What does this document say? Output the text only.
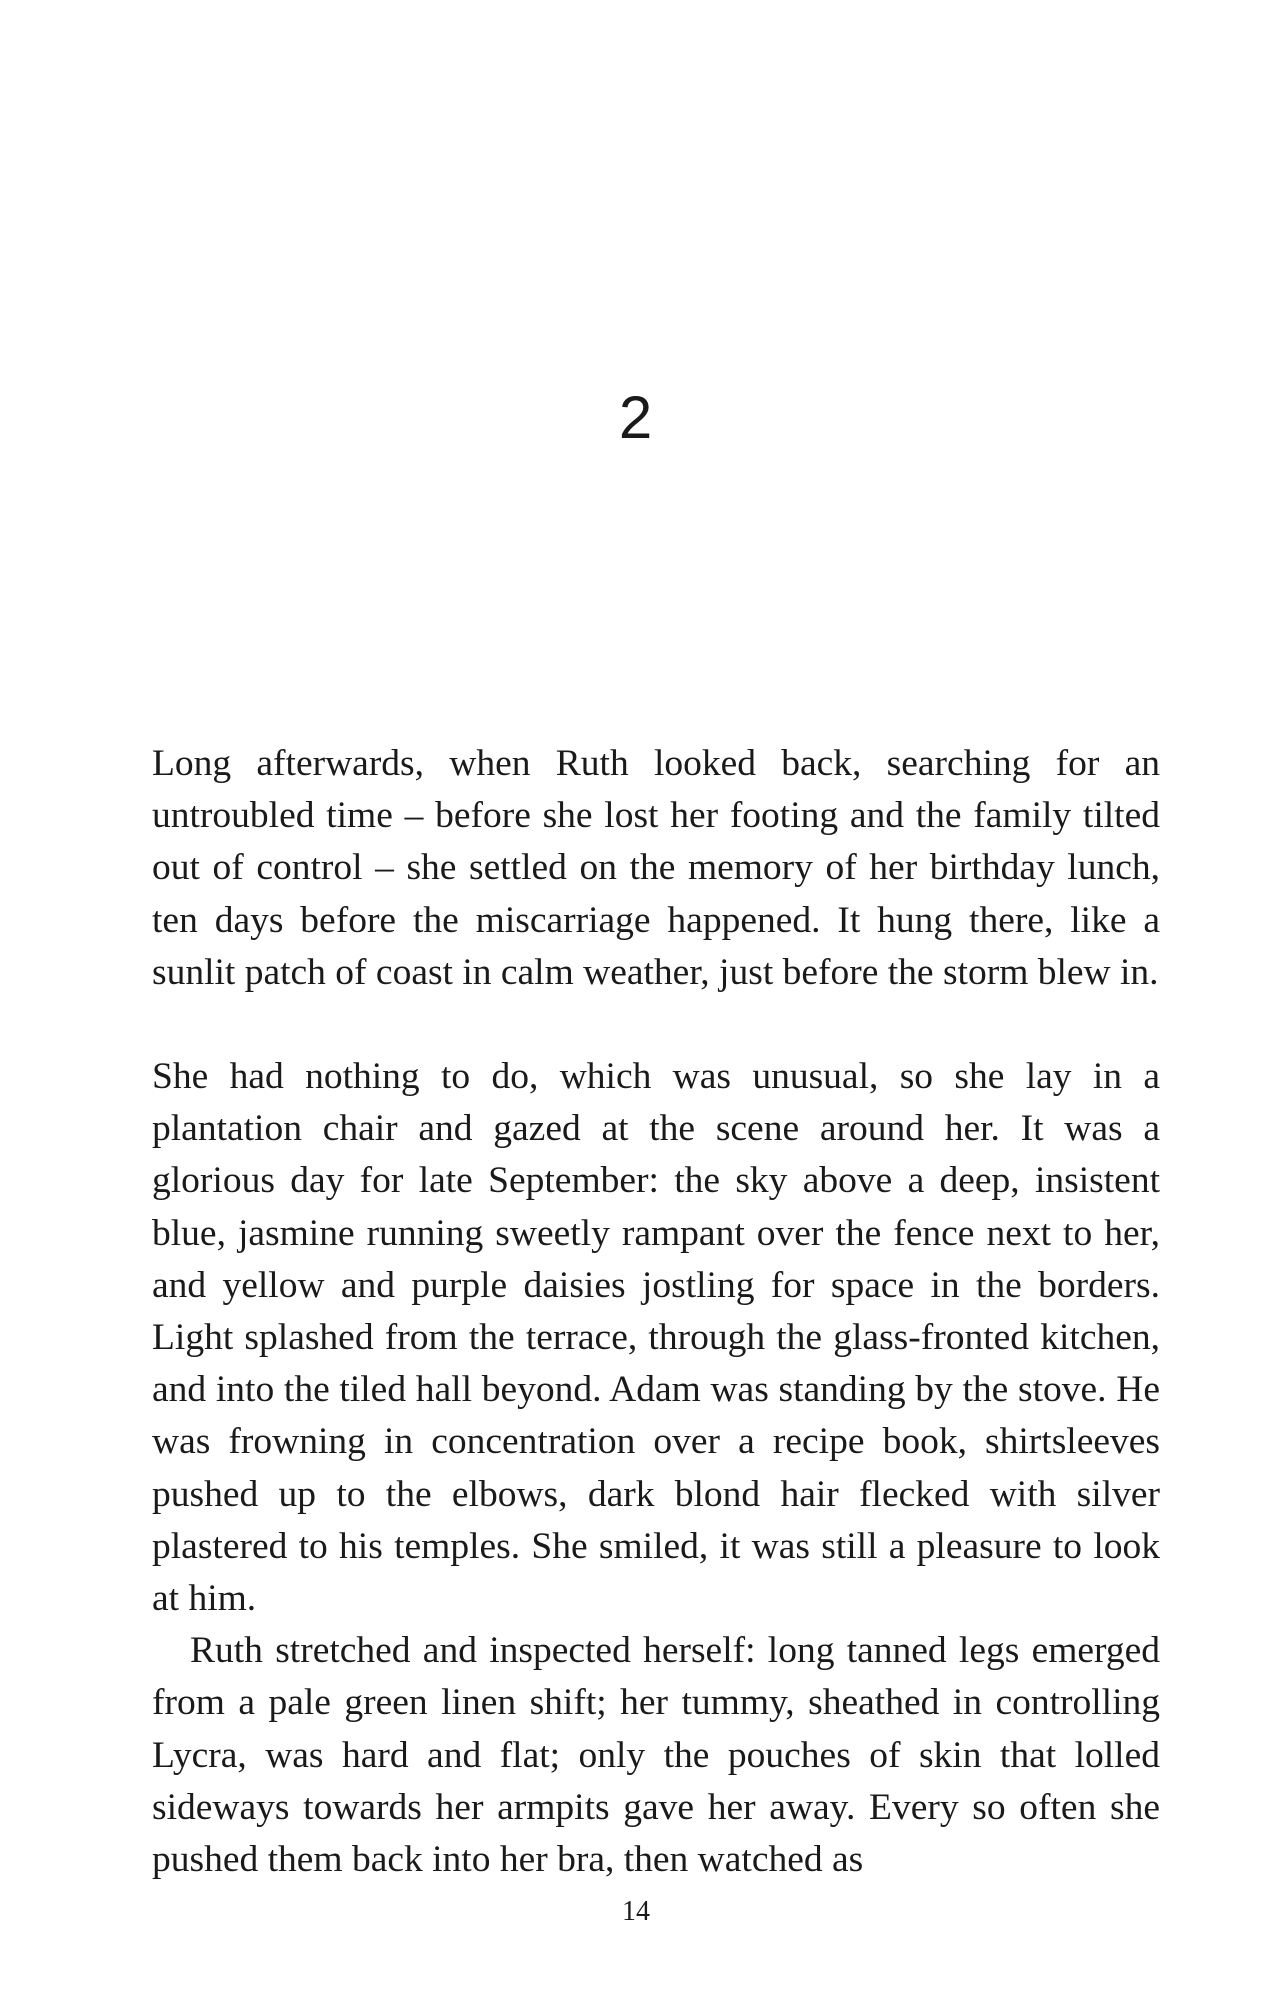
2

Long afterwards, when Ruth looked back, searching for an untroubled time – before she lost her footing and the family tilted out of control – she settled on the memory of her birthday lunch, ten days before the miscarriage happened. It hung there, like a sunlit patch of coast in calm weather, just before the storm blew in.

She had nothing to do, which was unusual, so she lay in a plantation chair and gazed at the scene around her. It was a glorious day for late September: the sky above a deep, insistent blue, jasmine running sweetly rampant over the fence next to her, and yellow and purple daisies jostling for space in the borders. Light splashed from the terrace, through the glass-fronted kitchen, and into the tiled hall beyond. Adam was standing by the stove. He was frowning in concentration over a recipe book, shirtsleeves pushed up to the elbows, dark blond hair flecked with silver plastered to his temples. She smiled, it was still a pleasure to look at him.

Ruth stretched and inspected herself: long tanned legs emerged from a pale green linen shift; her tummy, sheathed in controlling Lycra, was hard and flat; only the pouches of skin that lolled sideways towards her armpits gave her away. Every so often she pushed them back into her bra, then watched as

14
